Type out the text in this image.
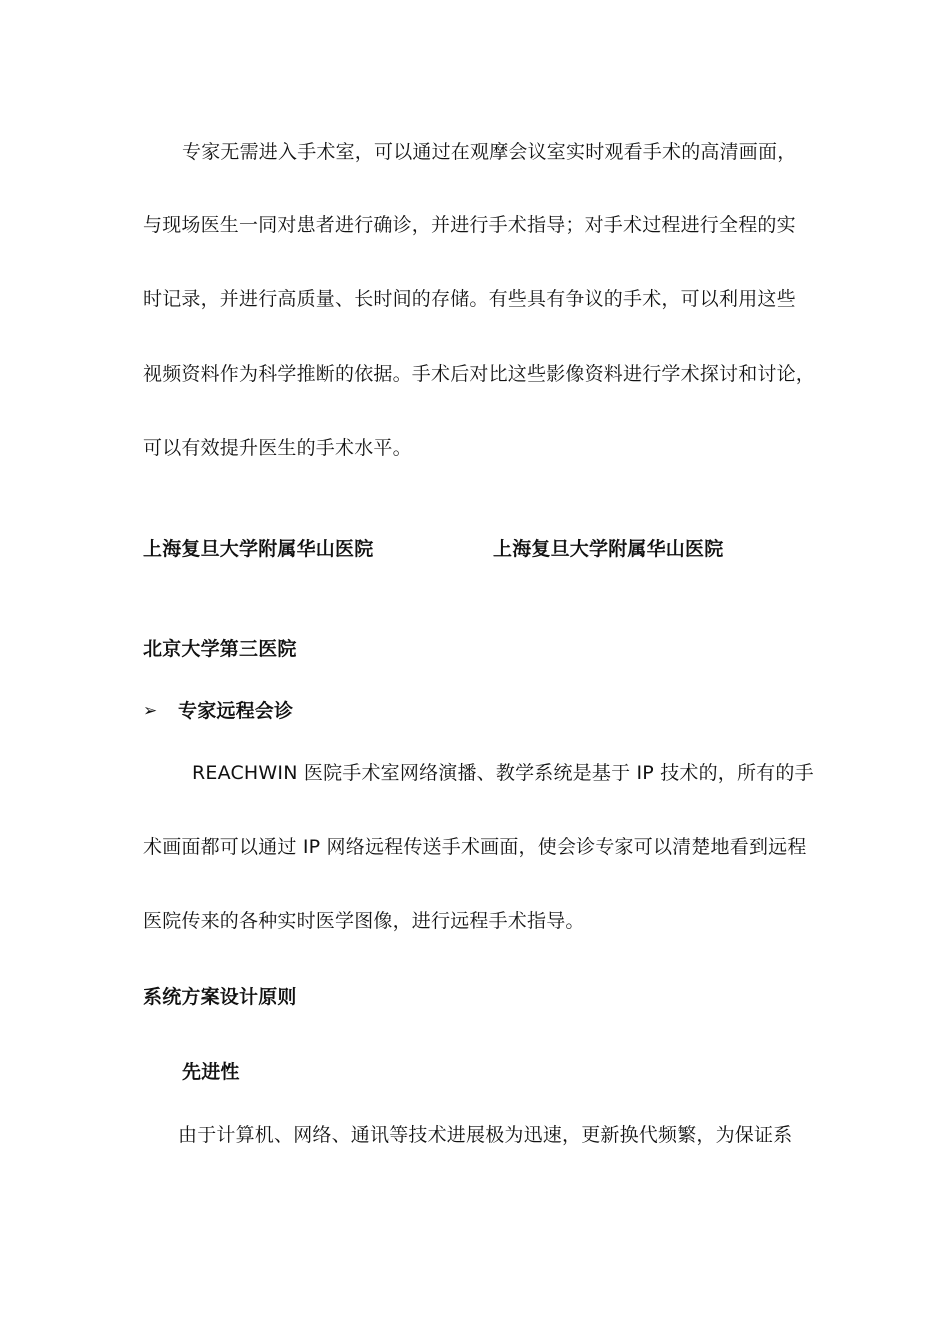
专家无需进入手术室，可以通过在观摩会议室实时观看手术的高清画面，
与现场医生一同对患者进行确诊，并进行手术指导；对手术过程进行全程的实
时记录，并进行高质量、长时间的存储。有些具有争议的手术，可以利用这些
视频资料作为科学推断的依据。手术后对比这些影像资料进行学术探讨和讨论，
可以有效提升医生的手术水平。
上海复旦大学附属华山医院	上海复旦大学附属华山医院
北京大学第三医院
➢ 专家远程会诊
REACHWIN 医院手术室网络演播、教学系统是基于 IP 技术的，所有的手
术画面都可以通过 IP 网络远程传送手术画面，使会诊专家可以清楚地看到远程
医院传来的各种实时医学图像，进行远程手术指导。
系统方案设计原则
先进性
由于计算机、网络、通讯等技术进展极为迅速，更新换代频繁，为保证系
